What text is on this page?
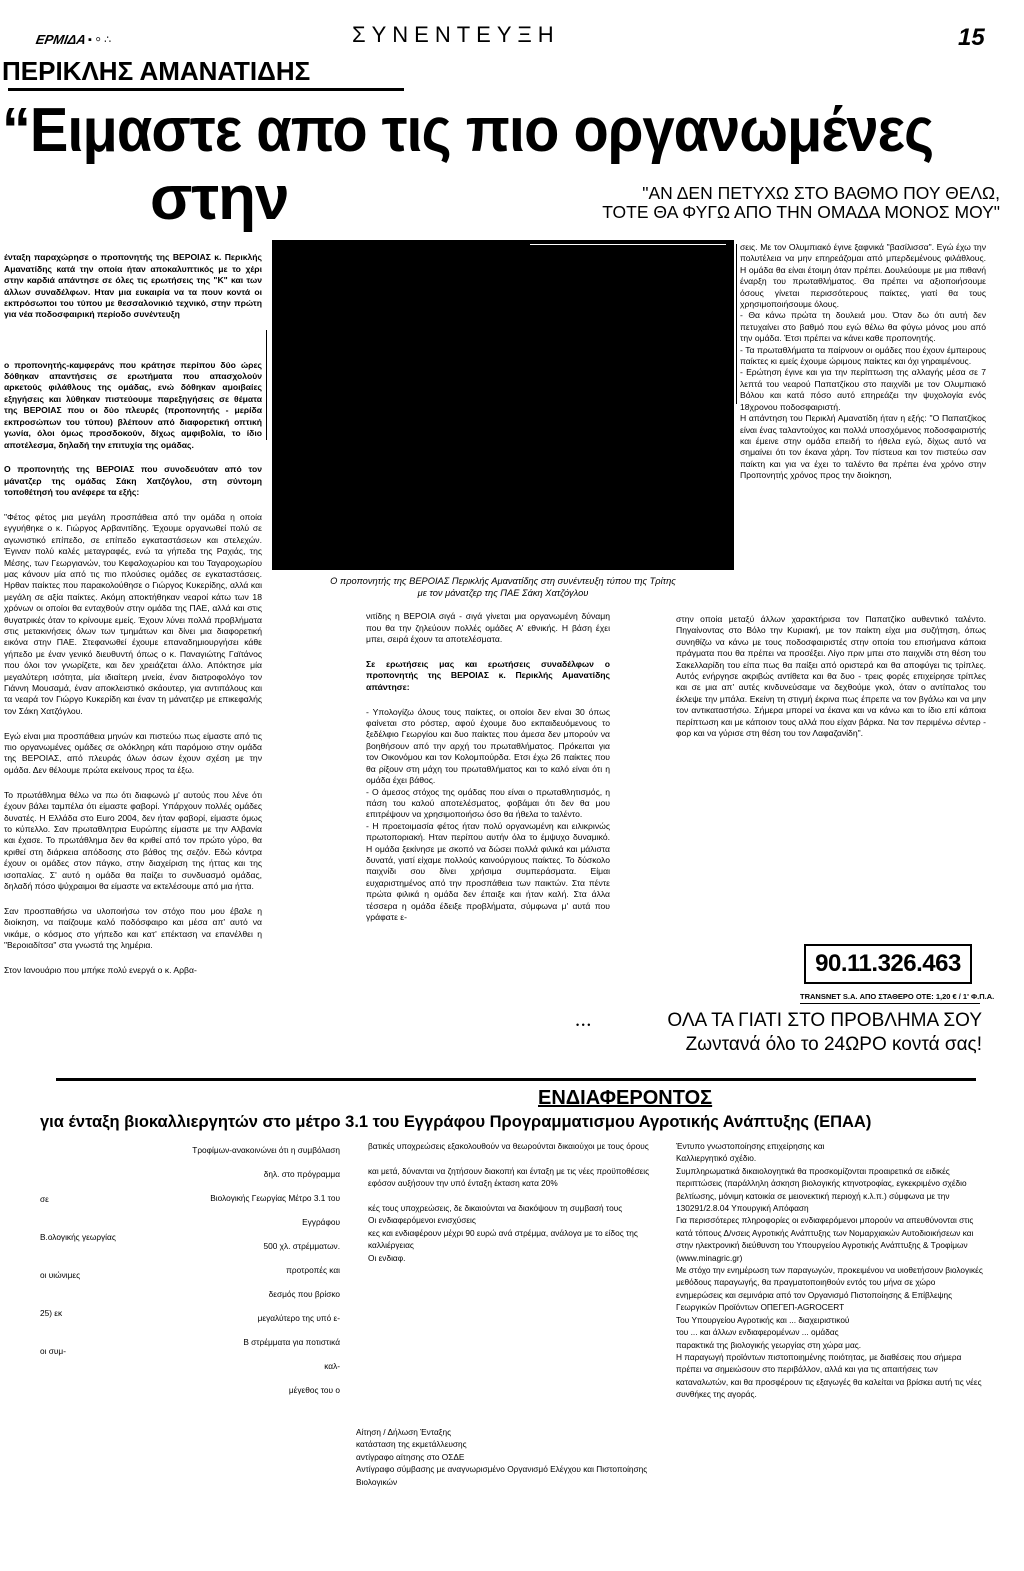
ΕΡΜΙΔΑ ▪ ⸰ ∴	ΣΥΝΕΝΤΕΥΞΗ	15
ΠΕΡΙΚΛΗΣ ΑΜΑΝΑΤΙΔΗΣ
“Ειμαστε απο τις πιο οργανωμένες
στην	"ΑΝ ΔΕΝ ΠΕΤΥΧΩ ΣΤΟ ΒΑΘΜΟ ΠΟΥ ΘΕΛΩ,
ΤΟΤΕ ΘΑ ΦΥΓΩ ΑΠΟ ΤΗΝ ΟΜΑΔΑ ΜΟΝΟΣ ΜΟΥ"

ένταξη παραχώρησε ο προπονητής της ΒΕΡΟΙΑΣ κ. Περικλής Αμανατίδης κατά την οποία ήταν αποκαλυπτικός με το χέρι στην καρδιά απάντησε σε όλες τις ερωτήσεις της "Κ" και των άλλων συναδέλφων. Ηταν μια ευκαιρία να τα πουν κοντά οι εκπρόσωποι του τύπου με θεσσαλονικιό τεχνικό, στην πρώτη για νέα ποδοσφαιρική περίοδο συνέντευξη

ο προπονητής-καμφεράνς που κράτησε περίπου δύο ώρες δόθηκαν απαντήσεις σε ερωτήματα που απασχολούν αρκετούς φιλάθλους της ομάδας, ενώ δόθηκαν αμοιβαίες εξηγήσεις και λύθηκαν πιστεύουμε παρεξηγήσεις σε θέματα της ΒΕΡΟΙΑΣ που οι δύο πλευρές (προπονητής - μερίδα εκπροσώπων του τύπου) βλέπουν από διαφορετική οπτική γωνία, όλοι όμως προσδοκούν, δίχως αμφιβολία, το ίδιο αποτέλεσμα, δηλαδή την επιτυχία της ομάδας.

Ο προπονητής της ΒΕΡΟΙΑΣ που συνοδευόταν από τον μάνατζερ της ομάδας Σάκη Χατζόγλου, στη σύντομη τοποθέτησή του ανέφερε τα εξής:

"Φέτος φέτος μια μεγάλη προσπάθεια από την ομάδα η οποία εγγυήθηκε ο κ. Γιώργος Αρβανιτίδης. Έχουμε οργανωθεί πολύ σε αγωνιστικό επίπεδο, σε επίπεδο εγκαταστάσεων και στελεχών. Έγιναν πολύ καλές μεταγραφές, ενώ τα γήπεδα της Ραχιάς, της Μέσης, των Γεωργιανών, του Κεφαλοχωρίου και του Ταγαροχωρίου μας κάνουν μία από τις πιο πλούσιες ομάδες σε εγκαταστάσεις. Ηρθαν παίκτες που παρακολούθησε ο Γιώργος Κυκερίδης, αλλά και μεγάλη σε αξία παίκτες. Ακόμη αποκτήθηκαν νεαροί κάτω των 18 χρόνων οι οποίοι θα ενταχθούν στην ομάδα της ΠΑΕ, αλλά και στις θυγατρικές όταν το κρίνουμε εμείς. Έχουν λύνει πολλά προβλήματα στις μετακινήσεις όλων των τμημάτων και δίνει μια διαφορετική εικόνα στην ΠΑΕ. Στεφανωθεί έχουμε επαναδημιουργήσει κάθε γήπεδο με έναν γενικό διευθυντή όπως ο κ. Παναγιώτης Γαϊτάνος που όλοι τον γνωρίζετε, και δεν χρειάζεται άλλο. Απόκτησε μία μεγαλύτερη ισότητα, μία ιδιαίτερη μνεία, έναν διατροφολόγο τον Γιάννη Μουσαμά, έναν αποκλειστικό σκάουτερ, για αντιπάλους και τα νεαρά τον Γιώργο Κυκερίδη και έναν τη μάνατζερ με επικεφαλής τον Σάκη Χατζόγλου.

Εγώ είναι μια προσπάθεια μηνών και πιστεύω πως είμαστε από τις πιο οργανωμένες ομάδες σε ολόκληρη κάτι παρόμοιο στην ομάδα της ΒΕΡΟΙΑΣ, από πλευράς όλων όσων έχουν σχέση με την ομάδα. Δεν θέλουμε πρώτα εκείνους προς τα έξω.

Το πρωτάθλημα θέλω να πω ότι διαφωνώ μ' αυτούς που λένε ότι έχουν βάλει ταμπέλα ότι είμαστε φαβορί. Υπάρχουν πολλές ομάδες δυνατές. Η Ελλάδα στο Euro 2004, δεν ήταν φαβορί, είμαστε όμως το κύπελλο. Σαν πρωταθλητρια Ευρώπης είμαστε με την Αλβανία και έχασε. Το πρωτάθλημα δεν θα κριθεί από τον πρώτο γύρο, θα κριθεί στη διάρκεια απόδοσης στο βάθος της σεζόν. Εδώ κόντρα έχουν οι ομάδες στον πάγκο, στην διαχείριση της ήττας και της ισοπαλίας. Σ' αυτό η ομάδα θα παίζει το συνδυασμό ομάδας, δηλαδή πόσο ψύχραιμοι θα είμαστε να εκτελέσουμε από μια ήττα.

Σαν προσπαθήσω να υλοποιήσω τον στόχο που μου έβαλε η διοίκηση, να παίζουμε καλό ποδόσφαιρο και μέσα απ' αυτό να νικάμε, ο κόσμος στο γήπεδο και κατ' επέκταση να επανέλθει η "Βεροιαδίτσα" στα γνωστά της λημέρια.

Στον Ιανουάριο που μπήκε πολύ ενεργά ο κ. Αρβα-

σεις. Με τον Ολυμπιακό έγινε ξαφνικά "βασίλισσα". Εγώ έχω την πολυτέλεια να μην επηρεάζομαι από μπερδεμένους φιλάθλους. Η ομάδα θα είναι έτοιμη όταν πρέπει. Δουλεύουμε με μια πιθανή έναρξη του πρωταθλήματος. Θα πρέπει να αξιοποιήσουμε όσους γίνεται περισσότερους παίκτες, γιατί θα τους χρησιμοποιήσουμε όλους.
- Θα κάνω πρώτα τη δουλειά μου. Όταν δω ότι αυτή δεν πετυχαίνει στο βαθμό που εγώ θέλω θα φύγω μόνος μου από την ομάδα. Έτσι πρέπει να κάνει καθε προπονητής.
- Τα πρωταθλήματα τα παίρνουν οι ομάδες που έχουν έμπειρους παίκτες κι εμείς έχουμε ώριμους παίκτες και όχι γηραιμένους.
- Ερώτηση έγινε και για την περίπτωση της αλλαγής μέσα σε 7 λεπτά του νεαρού Παπατζίκου στο παιχνίδι με τον Ολυμπιακό Βόλου και κατά πόσο αυτό επηρεάζει την ψυχολογία ενός 18χρονου ποδοσφαιριστή.
Η απάντηση του Περικλή Αμανατίδη ήταν η εξής: "Ο Παπατζίκος είναι ένας ταλαντούχος και πολλά υποσχόμενος ποδοσφαιριστής και έμεινε στην ομάδα επειδή το ήθελα εγώ, δίχως αυτό να σημαίνει ότι τον έκανα χάρη. Τον πίστευα και τον πιστεύω σαν παίκτη και για να έχει το ταλέντο θα πρέπει ένα χρόνο στην Προπονητής χρόνος προς την διοίκηση,
Ο προπονητής της ΒΕΡΟΙΑΣ Περικλής Αμανατίδης στη συνέντευξη τύπου της Τρίτης
με τον μάνατζερ της ΠΑΕ Σάκη Χατζόγλου

νιτίδης η ΒΕΡΟΙΑ σιγά - σιγά γίνεται μια οργανωμένη δύναμη που θα την ζηλεύουν πολλές ομάδες Α' εθνικής. Η βάση έχει μπει, σειρά έχουν τα αποτελέσματα.

Σε ερωτήσεις μας και ερωτήσεις συναδέλφων ο προπονητής της ΒΕΡΟΙΑΣ κ. Περικλής Αμανατίδης απάντησε:

- Υπολογίζω όλους τους παίκτες, οι οποίοι δεν είναι 30 όπως φαίνεται στο ρόστερ, αφού έχουμε δυο εκπαιδευόμενους το ξεδέλφιο Γεωργίου και δυο παίκτες που άμεσα δεν μπορούν να βοηθήσουν από την αρχή του πρωταθλήματος. Πρόκειται για τον Οικονόμου και τον Κολομπούρδα. Ετσι έχω 26 παίκτες που θα ρίξουν στη μάχη του πρωταθλήματος και το καλό είναι ότι η ομάδα έχει βάθος.
- Ο άμεσος στόχος της ομάδας που είναι ο πρωταθλητισμός, η πάση του καλού αποτελέσματος, φοβάμαι ότι δεν θα μου επιτρέψουν να χρησιμοποιήσω όσο θα ήθελα το ταλέντο.
- Η προετοιμασία φέτος ήταν πολύ οργανωμένη και ειλικρινώς πρωτοποριακή. Ηταν περίπου αυτήν όλα το έμψυχο δυναμικό. Η ομάδα ξεκίνησε με σκοπό να δώσει πολλά φιλικά και μάλιστα δυνατά, γιατί είχαμε πολλούς καινούργιους παίκτες. Το δύσκολο παιχνίδι σου δίνει χρήσιμα συμπεράσματα. Είμαι ευχαριστημένος από την προσπάθεια των παικτών. Στα πέντε πρώτα φιλικά η ομάδα δεν έπαιξε και ήταν καλή. Στα άλλα τέσσερα η ομάδα έδειξε προβλήματα, σύμφωνα μ' αυτά που γράφατε ε-

στην οποία μεταξύ άλλων χαρακτήρισα τον Παπατζίκο αυθεντικό ταλέντο. Πηγαίνοντας στο Βόλο την Κυριακή, με τον παίκτη είχα μια συζήτηση, όπως συνηθίζω να κάνω με τους ποδοσφαιριστές στην οποία του επισήμανα κάποια πράγματα που θα πρέπει να προσέξει. Λίγο πριν μπει στο παιχνίδι στη θέση του Σακελλαρίδη του είπα πως θα παίξει από οριστερά και θα αποφύγει τις τρίπλες. Αυτός ενήργησε ακριβώς αντίθετα και θα δυο - τρεις φορές επιχείρησε τρίπλες και σε μια απ' αυτές κινδυνεύσαμε να δεχθούμε γκολ, όταν ο αντίπαλος του έκλεψε την μπάλα. Εκείνη τη στιγμή έκρινα πως έπρεπε να τον βγάλω και να μην τον αντικαταστήσω. Σήμερα μπορεί να έκανα και να κάνω και το ίδιο επί κάποια περίπτωση και με κάποιον τους αλλά που είχαν βάρκα. Να τον περιμένω σέντερ - φορ και να γύρισε στη θέση του τον Λαφαζανίδη".
90.11.326.463
TRANSNET S.A. ΑΠΟ ΣΤΑΘΕΡΟ ΟΤΕ: 1,20 € / 1' Φ.Π.Α.
ΟΛΑ ΤΑ ΓΙΑΤΙ ΣΤΟ ΠΡΟΒΛΗΜΑ ΣΟΥ
Ζωντανά όλο το 24ΩΡΟ κοντά σας!
• • •
ΕΝΔΙΑΦΕΡΟΝΤΟΣ
για ένταξη βιοκαλλιεργητών στο μέτρο 3.1 του Εγγράφου Προγραμματισμου Αγροτικής Ανάπτυξης (ΕΠΑΑ)
σε
Β.ολογικής γεωργίας
οι υιώνιμες
25) εκ
οι συμ-
Τροφίμων-ανακοινώνει ότι η συμβόλαση δηλ. στο πρόγραμμα
Βιολογικής Γεωργίας Μέτρο 3.1 του Εγγράφου
500 χλ. στρέμματων.
προτροπές και
δεσμός που βρίσκο
μεγαλύτερο της υπό ε-
Β στρέμματα για ποτιστικά
καλ-
μέγεθος του ο
βατικές υποχρεώσεις εξακολουθούν να θεωρούνται δικαιούχοι με τους όρους

και μετά, δύνανται να ζητήσουν διακοπή και ένταξη με τις νέες προϋποθέσεις εφόσον αυξήσουν την υπό ένταξη έκταση κατα 20%

κές τους υποχρεώσεις, δε δικαιούνται να διακόψουν τη συμβασή τους
Οι ενδιαφερόμενοι ενισχύσεις
κες και ενδιαφέρουν μέχρι 90 ευρώ ανά στρέμμα, ανάλογα με το είδος της καλλιέργειας
Οι ενδιαφ.
Αίτηση / Δήλωση Ένταξης
κατάσταση της εκμετάλλευσης
αντίγραφο αίτησης στο ΟΣΔΕ
Αντίγραφο σύμβασης με αναγνωρισμένο Οργανισμό Ελέγχου και Πιστοποίησης Βιολογικών
Έντυπο γνωστοποίησης επιχείρησης και
Καλλιεργητικό σχέδιο.
Συμπληρωματικά δικαιολογητικά θα προσκομίζονται προαιρετικά σε ειδικές περιπτώσεις (παράλληλη άσκηση βιολογικής κτηνοτροφίας, εγκεκριμένο σχέδιο βελτίωσης, μόνιμη κατοικία σε μειονεκτική περιοχή κ.λ.π.) σύμφωνα με την 130291/2.8.04 Υπουργική Απόφαση
Για περισσότερες πληροφορίες οι ενδιαφερόμενοι μπορούν να απευθύνονται στις κατά τόπους Δ/νσεις Αγροτικής Ανάπτυξης των Νομαρχιακών Αυτοδιοικήσεων και στην ηλεκτρονική διεύθυνση του Υπουργείου Αγροτικής Ανάπτυξης & Τροφίμων (www.minagric.gr)
Με στόχο την ενημέρωση των παραγωγών, προκειμένου να υιοθετήσουν βιολογικές μεθόδους παραγωγής, θα πραγματοποιηθούν εντός του μήνα σε χώρο ενημερώσεις και σεμινάρια από τον Οργανισμό Πιστοποίησης & Επίβλεψης Γεωργικών Προϊόντων ΟΠΕΓΕΠ-AGROCERT
Του Υπουργείου Αγροτικής και ... διαχειριστικού
του ... και άλλων ενδιαφερομένων ... ομάδας
παρακτικά της βιολογικής γεωργίας στη χώρα μας.
Η παραγωγή προϊόντων πιστοποιημένης ποιότητας, με διαθέσεις που σήμερα πρέπει να σημειώσουν στο περιβάλλον, αλλά και για τις απαιτήσεις των καταναλωτών, και θα προσφέρουν τις εξαγωγές θα καλείται να βρίσκει αυτή τις νέες συνθήκες της αγοράς.
